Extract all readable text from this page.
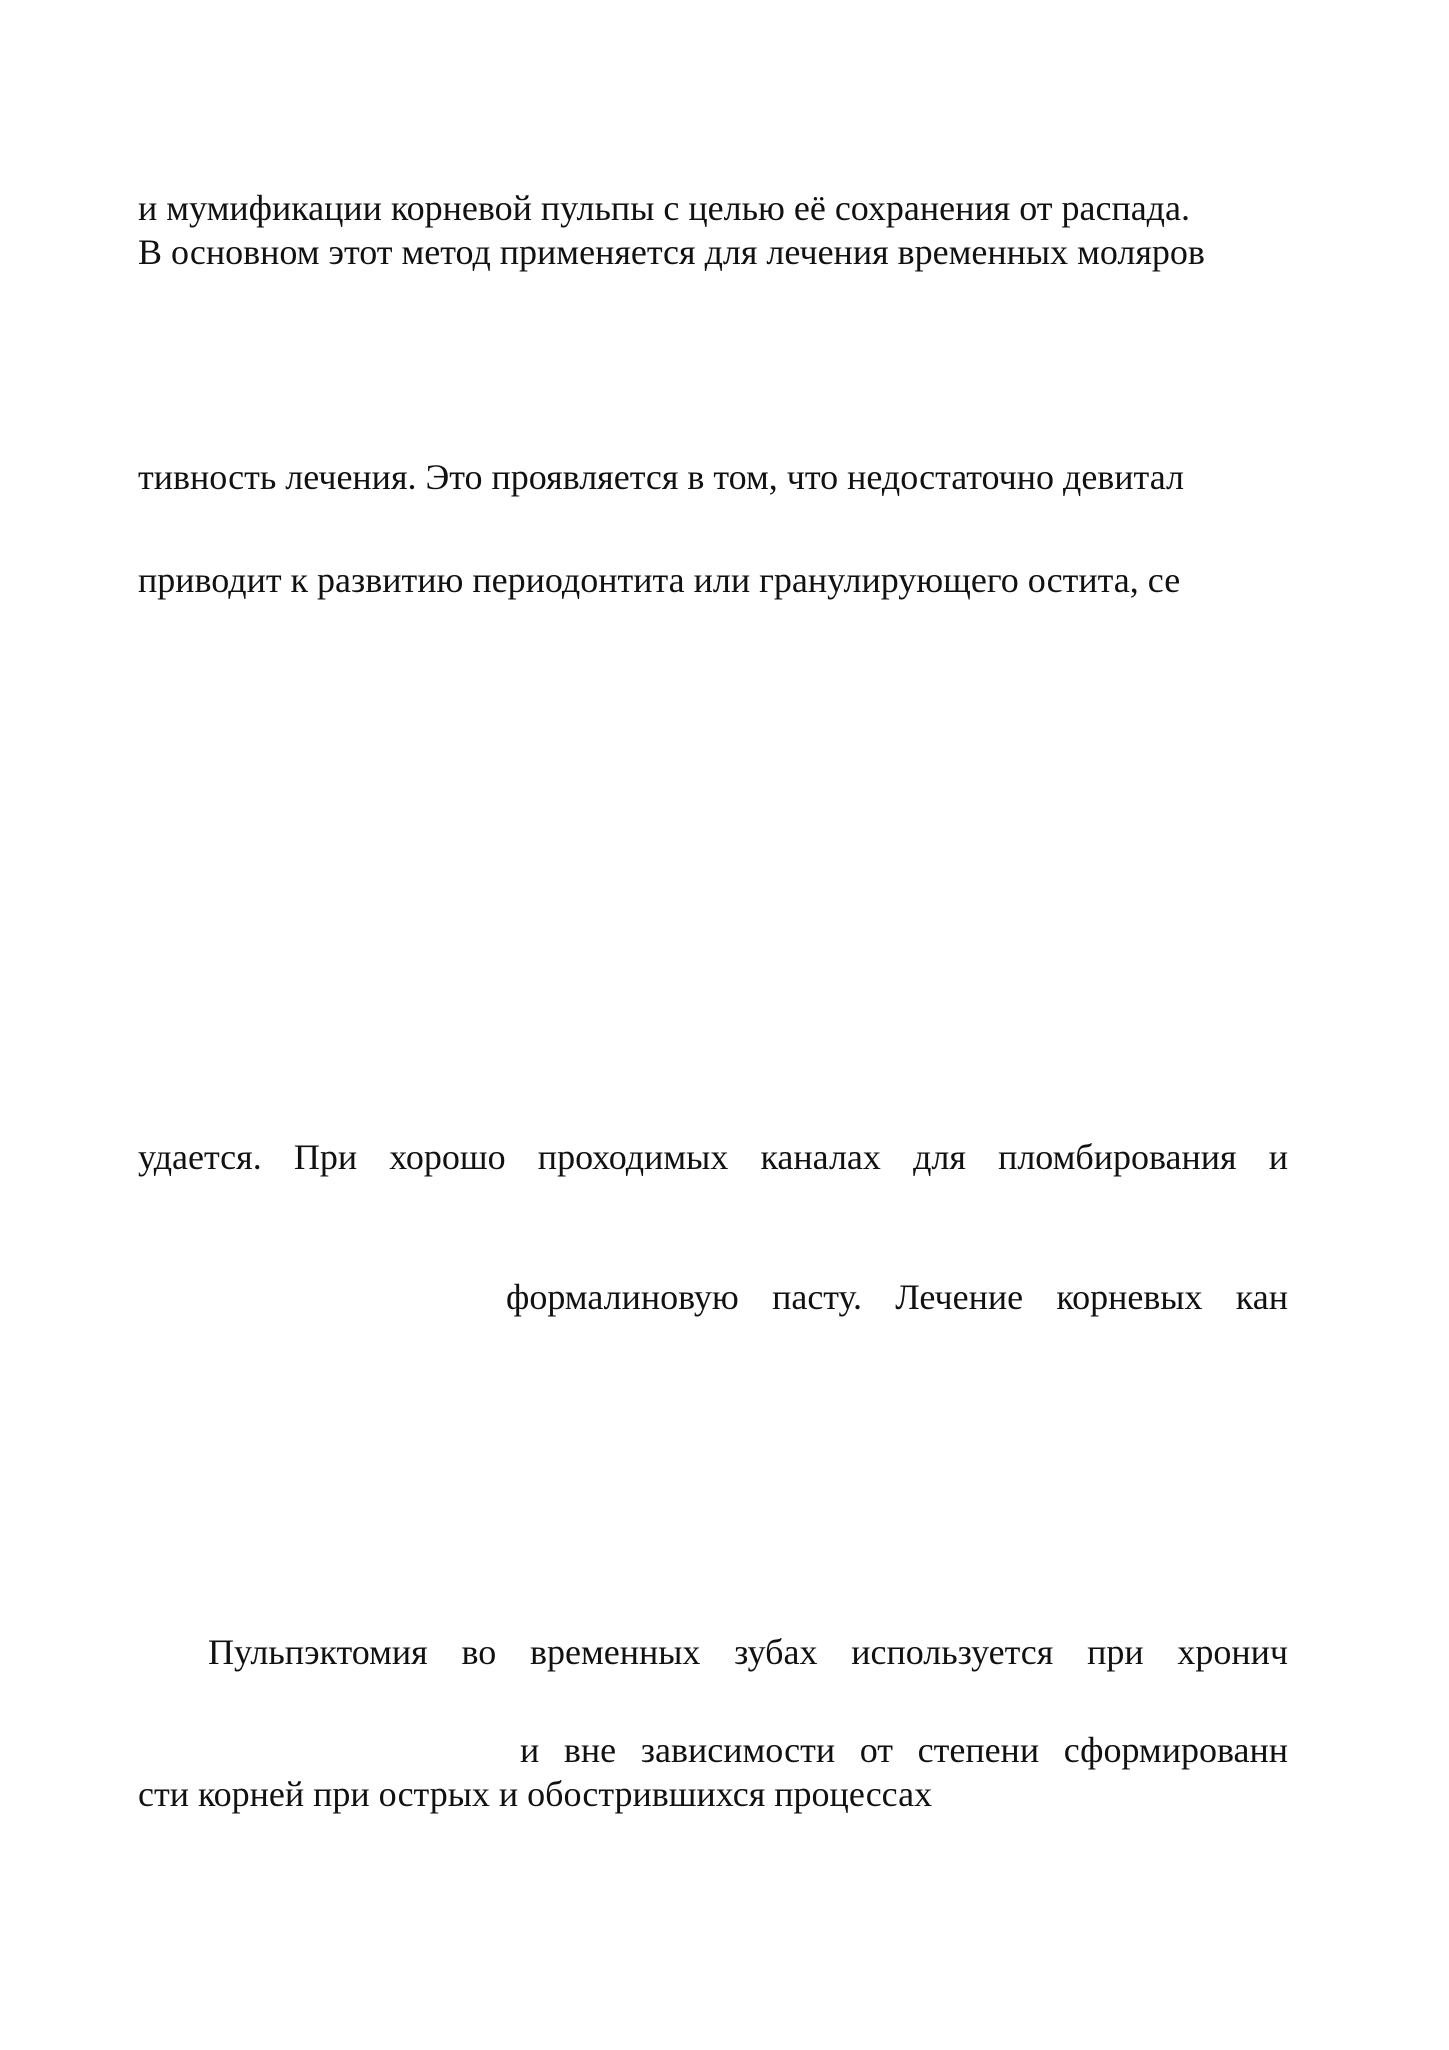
и мумификации корневой пульпы с целью её сохранения от распада.
В основном этот метод применяется для лечения временных моляров
тивность лечения. Это проявляется в том, что недостаточно девитал
приводит к развитию периодонтита или гранулирующего остита, се
удается. При хорошо проходимых каналах для пломбирования и
формалиновую пасту. Лечение корневых кан
Пульпэктомия во временных зубах используется при хронич
и вне зависимости от степени сформированн
сти корней при острых и обострившихся процессах
